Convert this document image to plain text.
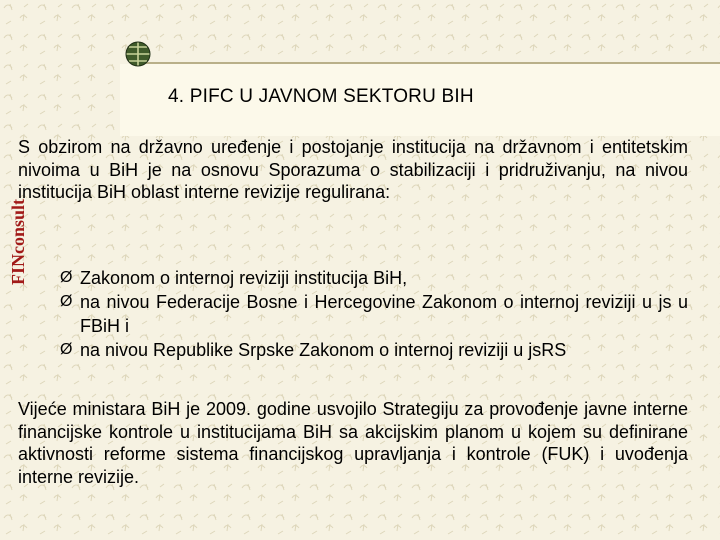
4. PIFC U JAVNOM SEKTORU BIH
FINconsult

S obzirom na državno uređenje i postojanje institucija na državnom i entitetskim nivoima u BiH je na osnovu Sporazuma o stabilizaciji i pridruživanju, na nivou institucija BiH oblast interne revizije regulirana:

Ø Zakonom o internoj reviziji institucija BiH,
Ø na nivou Federacije Bosne i Hercegovine Zakonom o internoj reviziji u js u FBiH i
Ø na nivou Republike Srpske Zakonom o internoj reviziji u jsRS

Vijeće ministara BiH je 2009. godine usvojilo Strategiju za provođenje javne interne financijske kontrole u institucijama BiH sa akcijskim planom u kojem su definirane aktivnosti reforme sistema financijskog upravljanja i kontrole (FUK) i uvođenja interne revizije.
